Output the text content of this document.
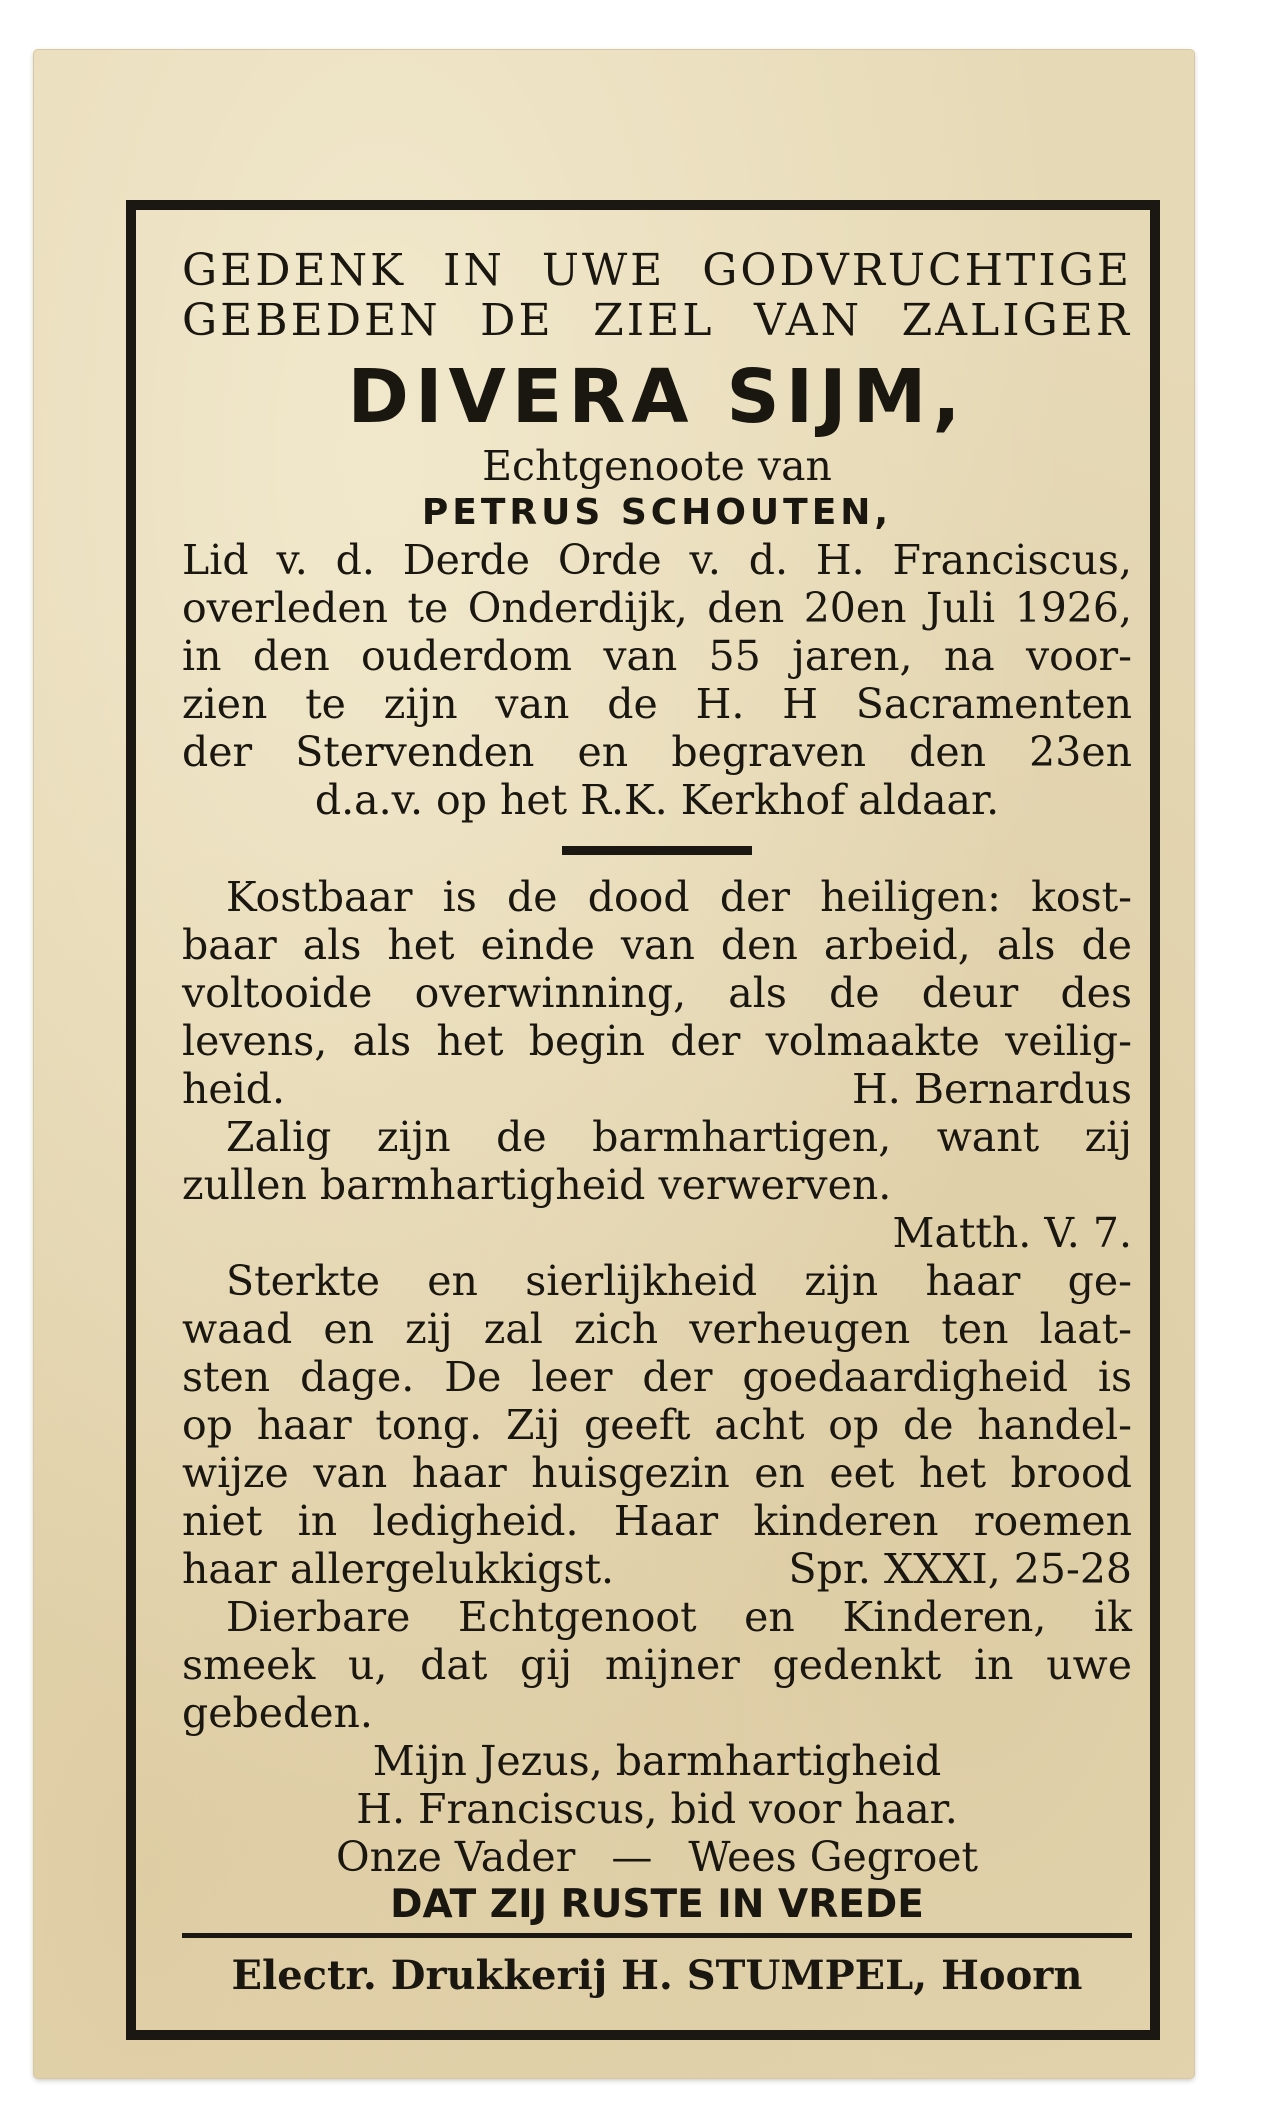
GEDENK IN UWE GODVRUCHTIGE
GEBEDEN DE ZIEL VAN ZALIGER
DIVERA SIJM,
Echtgenoote van
PETRUS SCHOUTEN,
Lid v. d. Derde Orde v. d. H. Franciscus,
overleden te Onderdijk, den 20en Juli 1926,
in den ouderdom van 55 jaren, na voor-
zien te zijn van de H. H Sacramenten
der Stervenden en begraven den 23en
d.a.v. op het R.K. Kerkhof aldaar.
Kostbaar is de dood der heiligen: kost-
baar als het einde van den arbeid, als de
voltooide overwinning, als de deur des
levens, als het begin der volmaakte veilig-
heid.	H. Bernardus
Zalig zijn de barmhartigen, want zij
zullen barmhartigheid verwerven.
Matth. V. 7.
Sterkte en sierlijkheid zijn haar ge-
waad en zij zal zich verheugen ten laat-
sten dage. De leer der goedaardigheid is
op haar tong. Zij geeft acht op de handel-
wijze van haar huisgezin en eet het brood
niet in ledigheid. Haar kinderen roemen
haar allergelukkigst.	Spr. XXXI, 25-28
Dierbare Echtgenoot en Kinderen, ik
smeek u, dat gij mijner gedenkt in uwe
gebeden.
Mijn Jezus, barmhartigheid
H. Franciscus, bid voor haar.
Onze Vader — Wees Gegroet
DAT ZIJ RUSTE IN VREDE
Electr. Drukkerij H. STUMPEL, Hoorn
